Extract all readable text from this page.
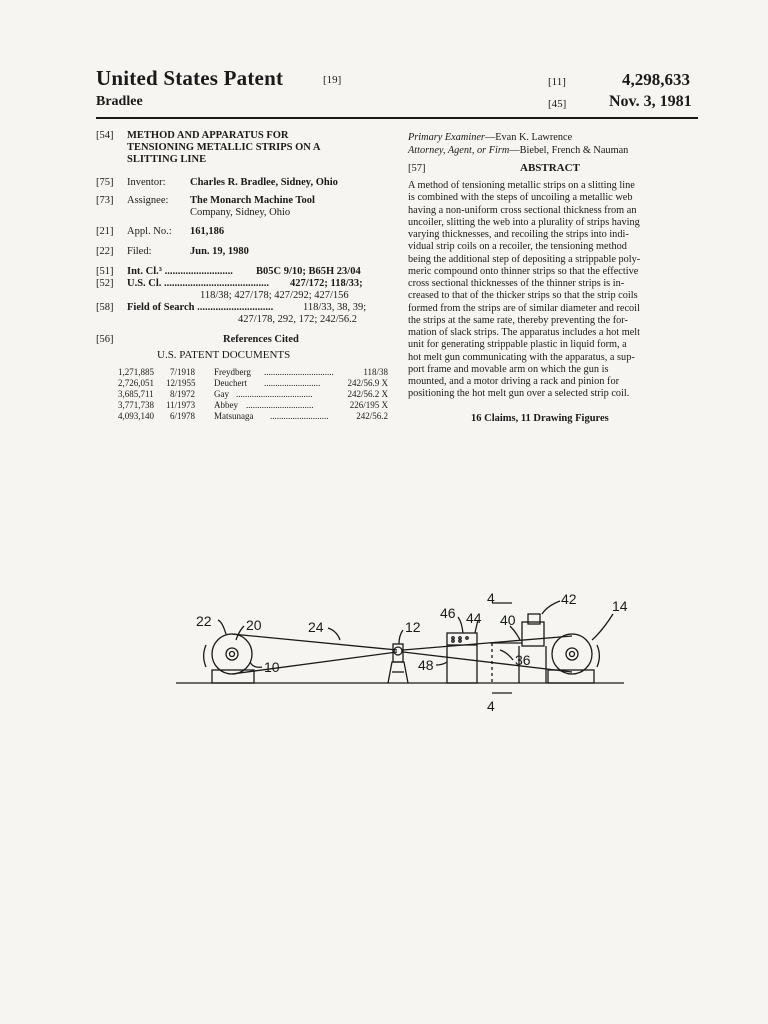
United States Patent	[19]	[11]	4,298,633
Bradlee	[45]	Nov. 3, 1981
[54] METHOD AND APPARATUS FOR
TENSIONING METALLIC STRIPS ON A
SLITTING LINE
[75] Inventor: Charles R. Bradlee, Sidney, Ohio
[73] Assignee: The Monarch Machine Tool
Company, Sidney, Ohio
[21] Appl. No.: 161,186
[22] Filed:	Jun. 19, 1980
[51] Int. Cl.³ .......................... B05C 9/10; B65H 23/04
[52] U.S. Cl. ........................................ 427/172; 118/33;
118/38; 427/178; 427/292; 427/156
[58] Field of Search .............................	118/33, 38, 39;
427/178, 292, 172; 242/56.2
[56]	References Cited
U.S. PATENT DOCUMENTS
1,271,885 7/1918 Freydberg ...............................	118/38
2,726,051 12/1955 Deuchert .........................	242/56.9 X
3,685,711 8/1972 Gay ..................................	242/56.2 X
3,771,738 11/1973 Abbey ..............................	226/195 X
4,093,140 6/1978 Matsunaga ..........................	242/56.2
Primary Examiner—Evan K. Lawrence
Attorney, Agent, or Firm—Biebel, French & Nauman
[57]	ABSTRACT
A method of tensioning metallic strips on a slitting line
is combined with the steps of uncoiling a metallic web
having a non-uniform cross sectional thickness from an
uncoiler, slitting the web into a plurality of strips having
varying thicknesses, and recoiling the strips into indi-
vidual strip coils on a recoiler, the tensioning method
being the additional step of depositing a strippable poly-
meric compound onto thinner strips so that the effective
cross sectional thicknesses of the thinner strips is in-
creased to that of the thicker strips so that the strip coils
formed from the strips are of similar diameter and recoil
the strips at the same rate, thereby preventing the for-
mation of slack strips. The apparatus includes a hot melt
unit for generating strippable plastic in liquid form, a
hot melt gun communicating with the apparatus, a sup-
port frame and movable arm on which the gun is
mounted, and a motor driving a rack and pinion for
positioning the hot melt gun over a selected strip coil.
16 Claims, 11 Drawing Figures
22 20
10
24	12
48
46 44 40
42
36
14
4
4
